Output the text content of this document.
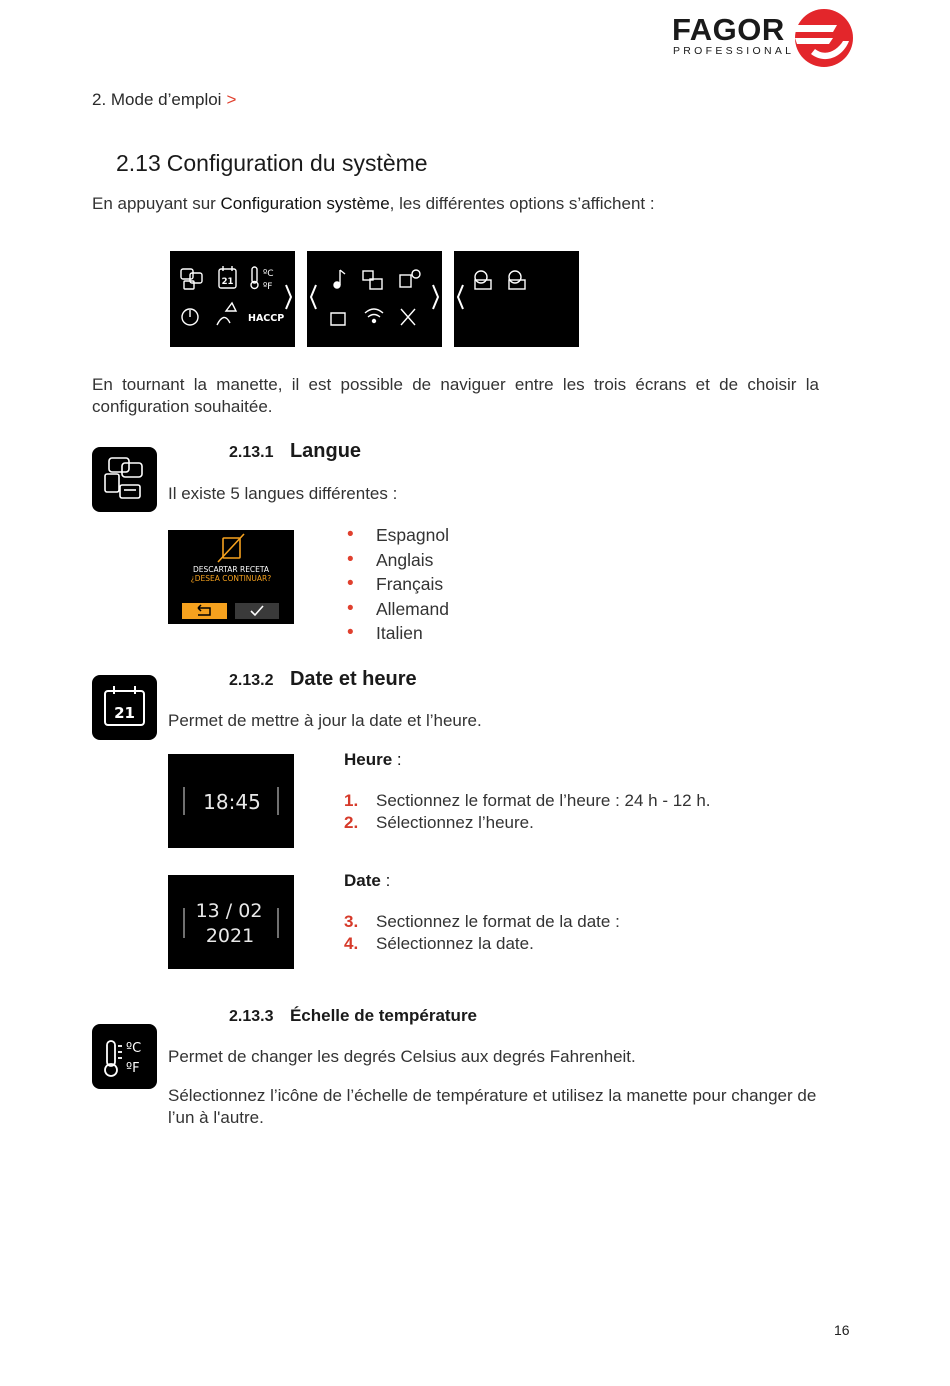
FAGOR
PROFESSIONAL
2. Mode d’emploi >
2.13 Configuration du système
En appuyant sur Configuration système, les différentes options s’affichent :
21
ºC
ºF
HACCP
En tournant la manette, il est possible de naviguer entre les trois écrans et de choisir la configuration souhaitée.
2.13.1 Langue
Il existe 5 langues différentes :
DESCARTAR RECETA
¿DESEA CONTINUAR?
• Espagnol
• Anglais
• Français
• Allemand
• Italien
21
2.13.2 Date et heure
Permet de mettre à jour la date et l’heure.
18:45
Heure :
1. Sectionnez le format de l’heure : 24 h - 12 h.
2. Sélectionnez l’heure.
13 / 02
2021
Date :
3. Sectionnez le format de la date :
4. Sélectionnez la date.
2.13.3 Échelle de température
ºC
ºF
Permet de changer les degrés Celsius aux degrés Fahrenheit.
Sélectionnez l’icône de l’échelle de température et utilisez la manette pour changer de l’un à l'autre.
16
